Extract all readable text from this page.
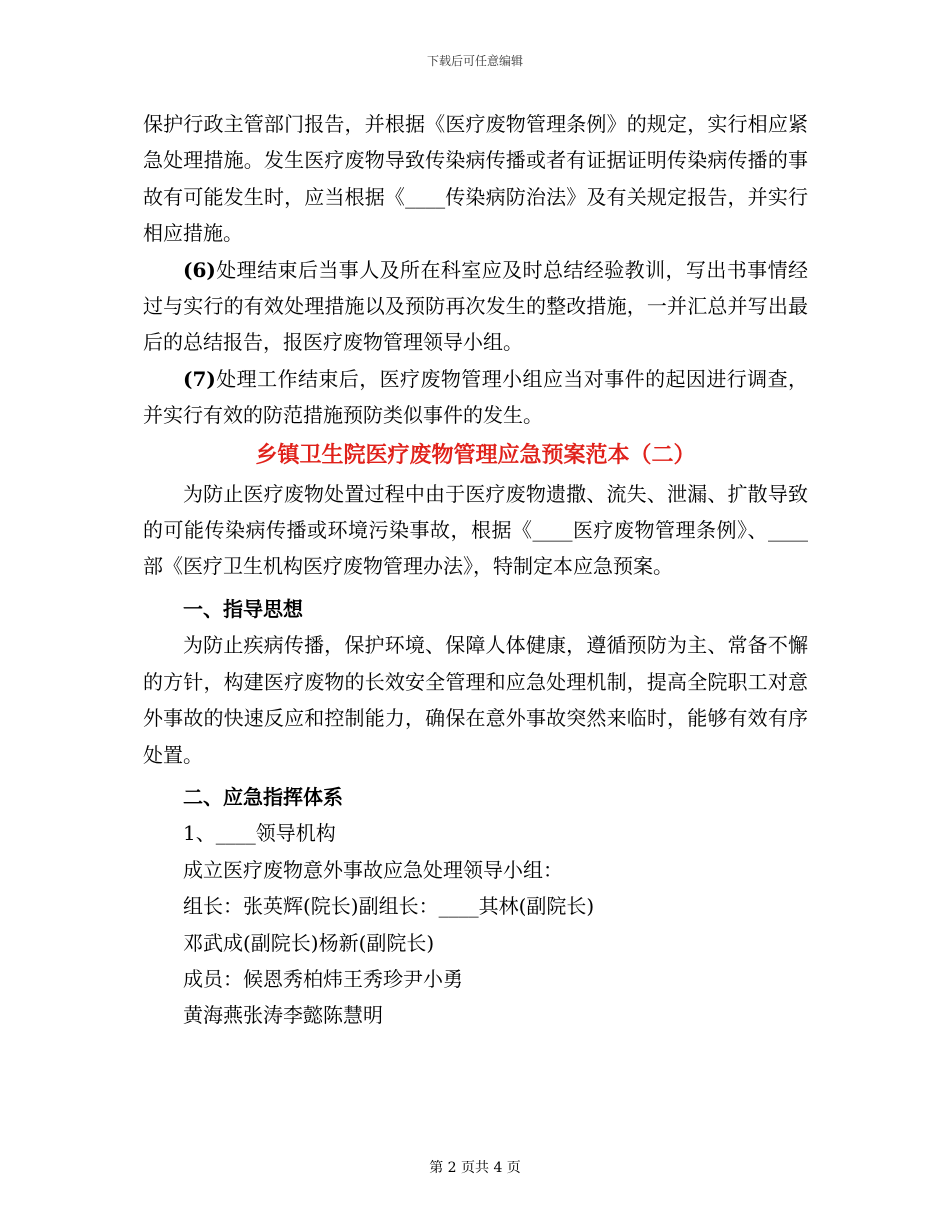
下载后可任意编辑

保护行政主管部门报告，并根据《医疗废物管理条例》的规定，实行相应紧急处理措施。发生医疗废物导致传染病传播或者有证据证明传染病传播的事故有可能发生时，应当根据《____传染病防治法》及有关规定报告，并实行相应措施。

(6)处理结束后当事人及所在科室应及时总结经验教训，写出书事情经过与实行的有效处理措施以及预防再次发生的整改措施，一并汇总并写出最后的总结报告，报医疗废物管理领导小组。

(7)处理工作结束后，医疗废物管理小组应当对事件的起因进行调查，并实行有效的防范措施预防类似事件的发生。

乡镇卫生院医疗废物管理应急预案范本（二）

为防止医疗废物处置过程中由于医疗废物遗撒、流失、泄漏、扩散导致的可能传染病传播或环境污染事故，根据《____医疗废物管理条例》、____部《医疗卫生机构医疗废物管理办法》，特制定本应急预案。

一、指导思想

为防止疾病传播，保护环境、保障人体健康，遵循预防为主、常备不懈的方针，构建医疗废物的长效安全管理和应急处理机制，提高全院职工对意外事故的快速反应和控制能力，确保在意外事故突然来临时，能够有效有序处置。

二、应急指挥体系

1、____领导机构

成立医疗废物意外事故应急处理领导小组：

组长：张英辉(院长)副组长：____其林(副院长)

邓武成(副院长)杨新(副院长)

成员：候恩秀柏炜王秀珍尹小勇

黄海燕张涛李懿陈慧明

第 2 页共 4 页
